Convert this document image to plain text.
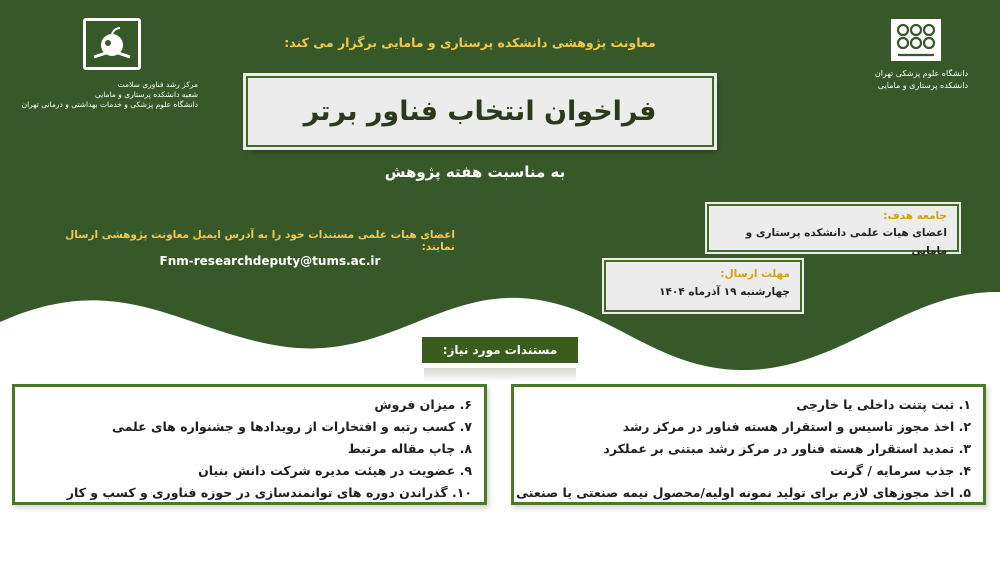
مرکز رشد فناوری سلامت
شعبه دانشکده پرستاری و مامایی
دانشگاه علوم پزشکی و خدمات بهداشتی و درمانی تهران
دانشگاه علوم پزشکی تهران
دانشکده پرستاری و مامایی
معاونت پژوهشی دانشکده پرستاری و مامایی برگزار می کند:
فراخوان انتخاب فناور برتر
به مناسبت هفته پژوهش
اعضای هیات علمی مستندات خود را به آدرس ایمیل معاونت پژوهشی ارسال نمایند:
Fnm-researchdeputy@tums.ac.ir
جامعه هدف:
اعضای هیات علمی دانشکده پرستاری و مامایی
مهلت ارسال:
چهارشنبه ۱۹ آذرماه ۱۴۰۴
مستندات مورد نیاز:
۱. ثبت پتنت داخلی یا خارجی
۲. اخذ مجوز تاسیس و استقرار هسته فناور در مرکز رشد
۳. تمدید استقرار هسته فناور در مرکز رشد مبتنی بر عملکرد
۴. جذب سرمایه / گرنت
۵. اخذ مجوزهای لازم برای تولید نمونه اولیه/محصول نیمه صنعتی یا صنعتی
۶. میزان فروش
۷. کسب رتبه و افتخارات از رویدادها و جشنواره های علمی
۸. چاپ مقاله مرتبط
۹. عضویت در هیئت مدیره شرکت دانش بنیان
۱۰. گذراندن دوره های توانمندسازی در حوزه فناوری و کسب و کار
